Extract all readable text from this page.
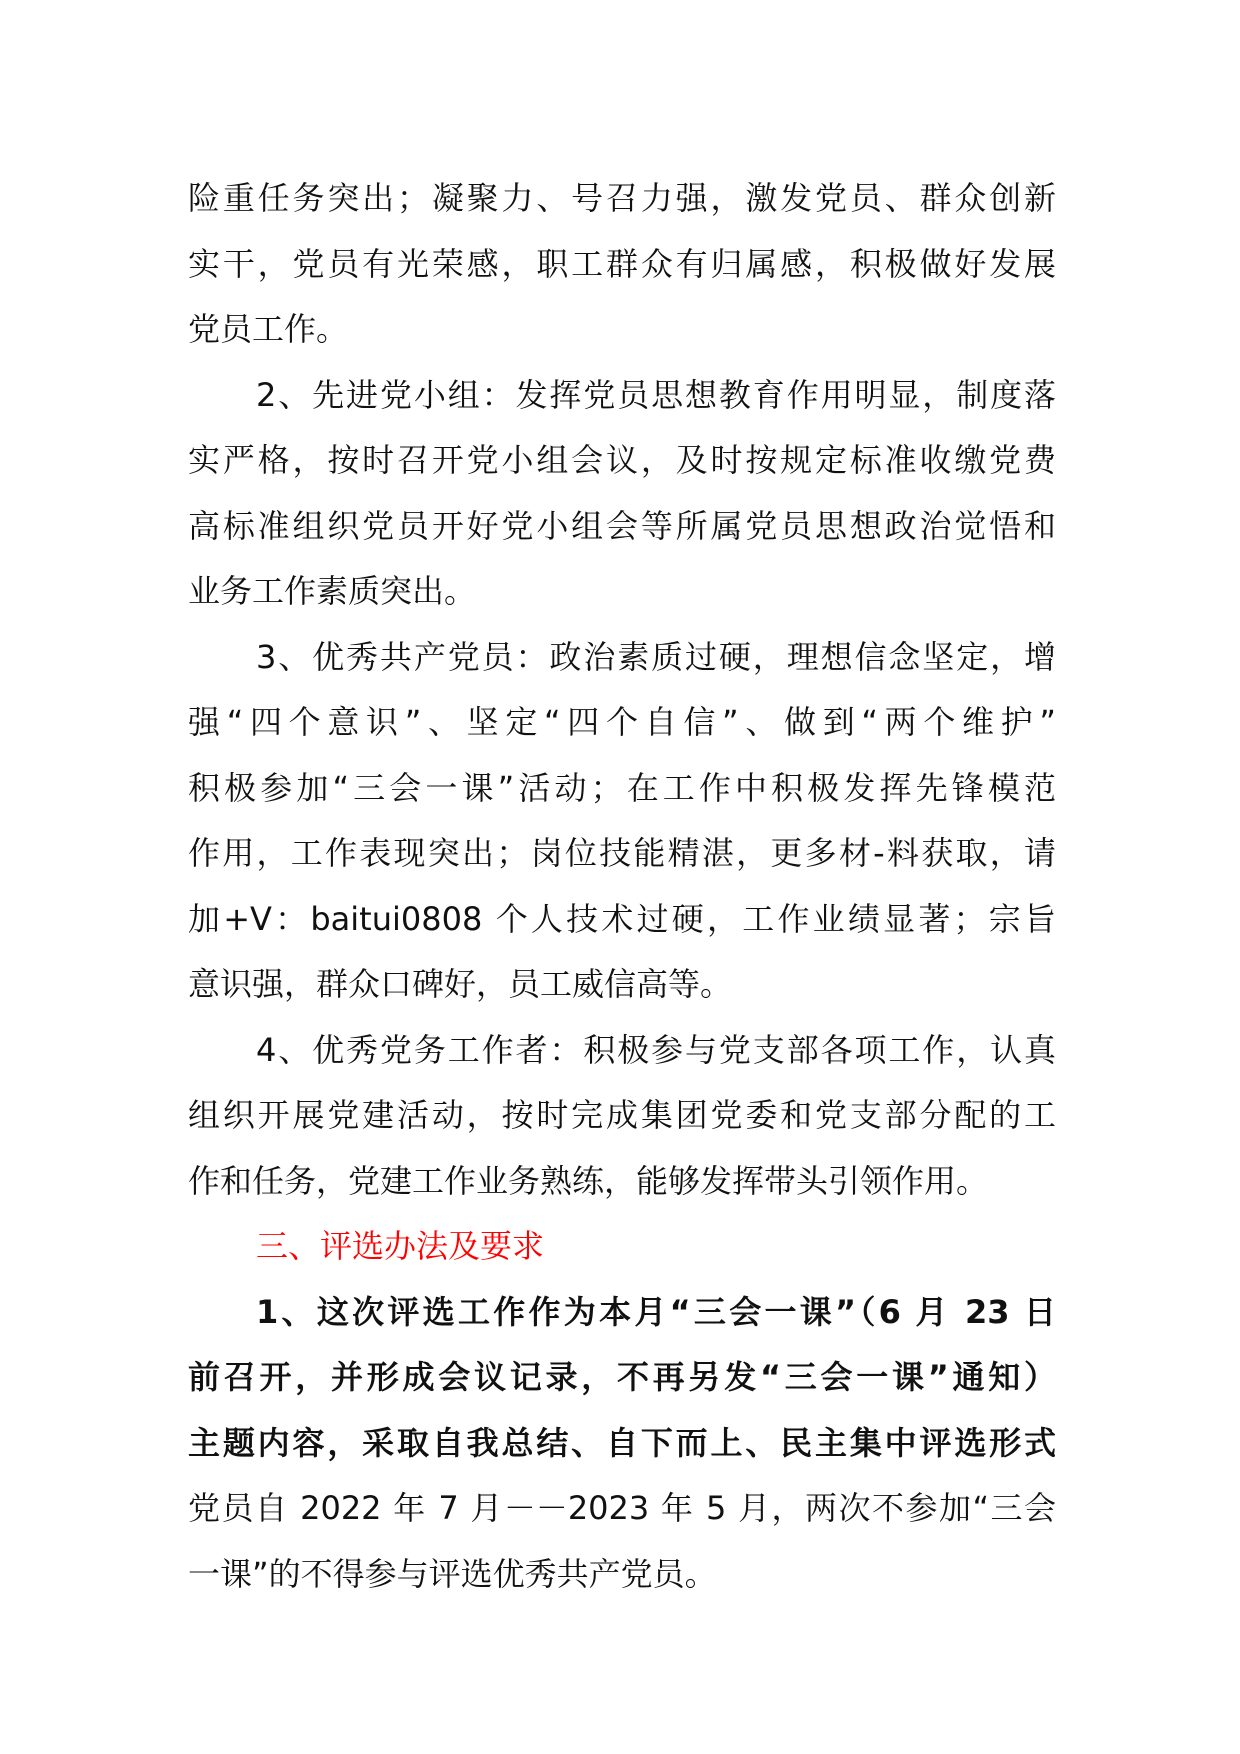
险重任务突出；凝聚力、号召力强，激发党员、群众创新
实干，党员有光荣感，职工群众有归属感，积极做好发展
党员工作。
2、先进党小组：发挥党员思想教育作用明显，制度落
实严格，按时召开党小组会议，及时按规定标准收缴党费
高标准组织党员开好党小组会等所属党员思想政治觉悟和
业务工作素质突出。
3、优秀共产党员：政治素质过硬，理想信念坚定，增
强“四个意识”、坚定“四个自信”、做到“两个维护”
积极参加“三会一课”活动；在工作中积极发挥先锋模范
作用，工作表现突出；岗位技能精湛，更多材-料获取，请
加+V：baitui0808 个人技术过硬，工作业绩显著；宗旨
意识强，群众口碑好，员工威信高等。
4、优秀党务工作者：积极参与党支部各项工作，认真
组织开展党建活动，按时完成集团党委和党支部分配的工
作和任务，党建工作业务熟练，能够发挥带头引领作用。
三、评选办法及要求
1、这次评选工作作为本月“三会一课”（6 月 23 日
前召开，并形成会议记录，不再另发“三会一课”通知）
主题内容，采取自我总结、自下而上、民主集中评选形式
党员自 2022 年 7 月－－2023 年 5 月，两次不参加“三会
一课”的不得参与评选优秀共产党员。
